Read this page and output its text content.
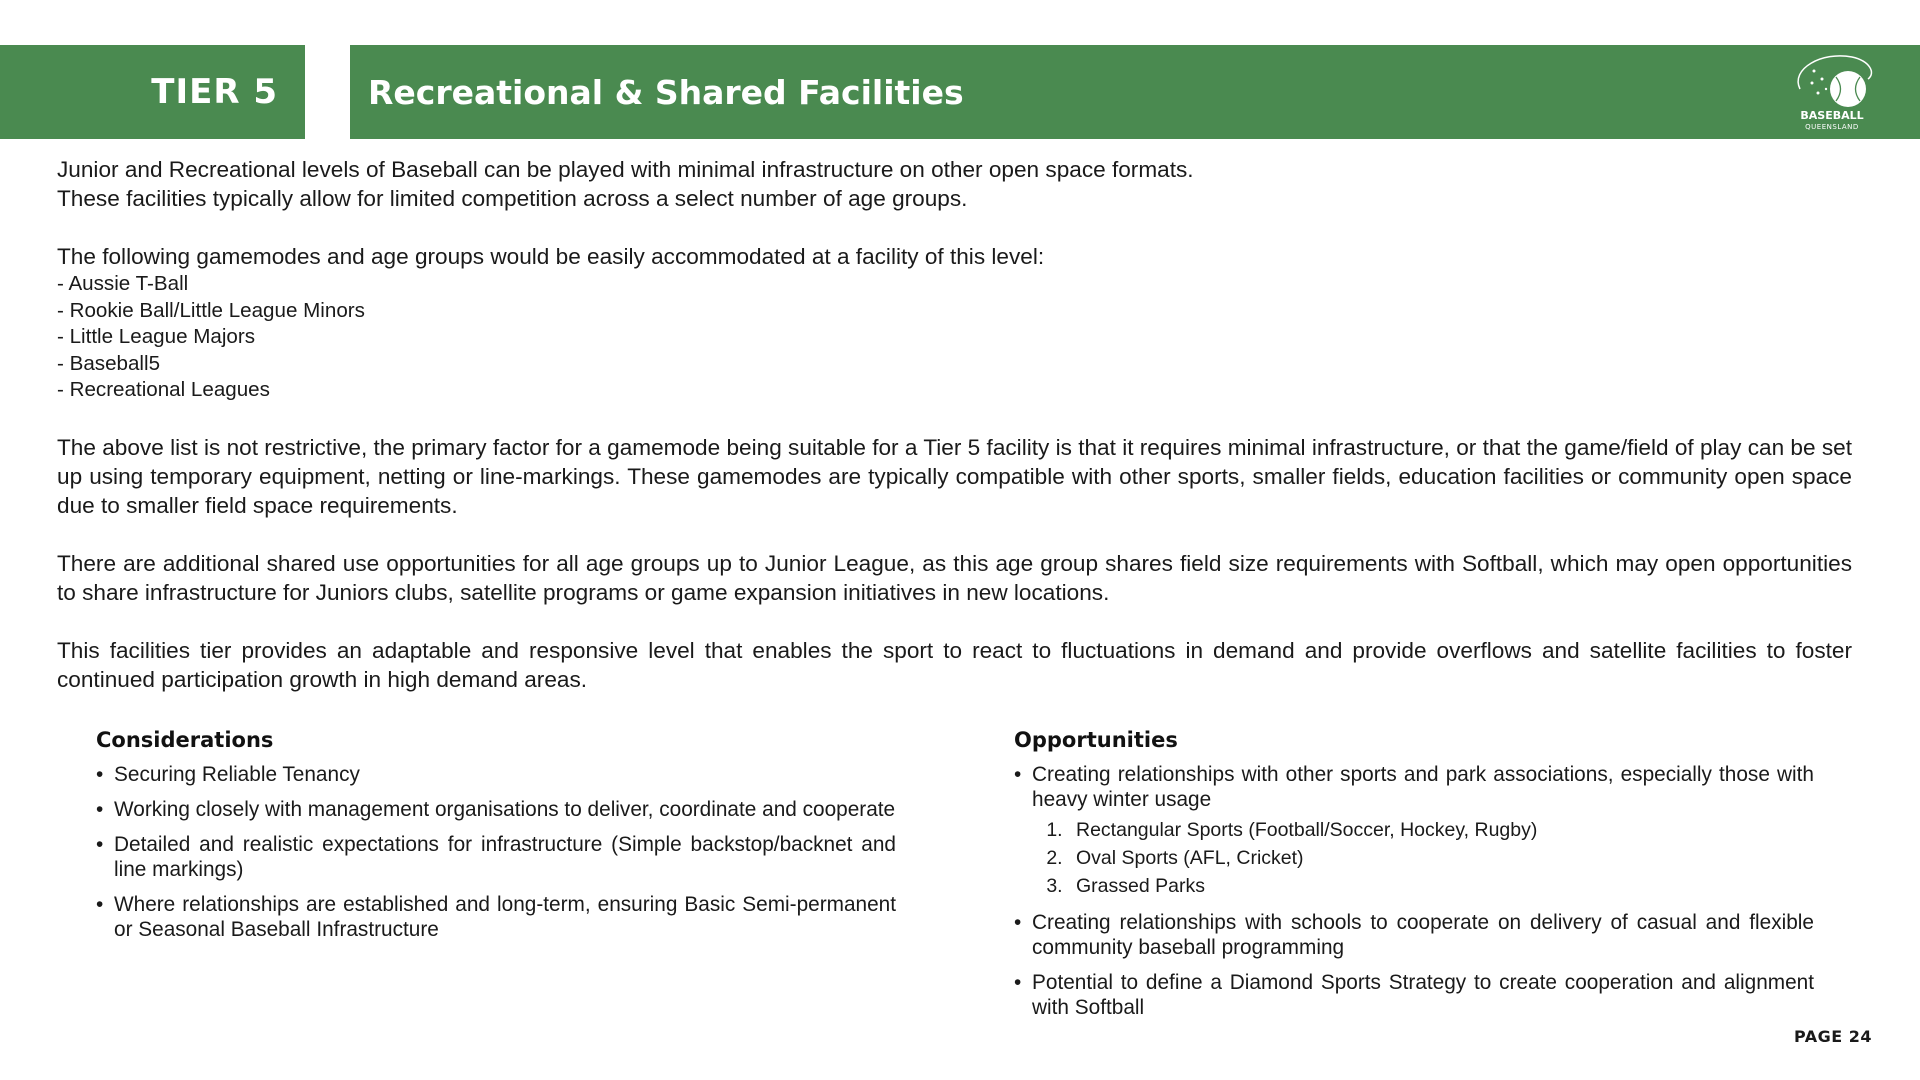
TIER 5	Recreational & Shared Facilities
BASEBALL
QUEENSLAND

Junior and Recreational levels of Baseball can be played with minimal infrastructure on other open space formats.

These facilities typically allow for limited competition across a select number of age groups.

The following gamemodes and age groups would be easily accommodated at a facility of this level:

- Aussie T-Ball

- Rookie Ball/Little League Minors

- Little League Majors

- Baseball5

- Recreational Leagues

The above list is not restrictive, the primary factor for a gamemode being suitable for a Tier 5 facility is that it requires minimal infrastructure, or that the game/field of play can be set up using temporary equipment, netting or line-markings. These gamemodes are typically compatible with other sports, smaller fields, education facilities or community open space due to smaller field space requirements.

There are additional shared use opportunities for all age groups up to Junior League, as this age group shares field size requirements with Softball, which may open opportunities to share infrastructure for Juniors clubs, satellite programs or game expansion initiatives in new locations.

This facilities tier provides an adaptable and responsive level that enables the sport to react to fluctuations in demand and provide overflows and satellite facilities to foster continued participation growth in high demand areas.

Considerations

• Securing Reliable Tenancy
• Working closely with management organisations to deliver, coordinate and cooperate
• Detailed and realistic expectations for infrastructure (Simple backstop/backnet and line markings)
• Where relationships are established and long-term, ensuring Basic Semi-permanent or Seasonal Baseball Infrastructure

Opportunities

• Creating relationships with other sports and park associations, especially those with heavy winter usage
1. Rectangular Sports (Football/Soccer, Hockey, Rugby)
2. Oval Sports (AFL, Cricket)
3. Grassed Parks
• Creating relationships with schools to cooperate on delivery of casual and flexible community baseball programming
• Potential to define a Diamond Sports Strategy to create cooperation and alignment with Softball
PAGE 24
